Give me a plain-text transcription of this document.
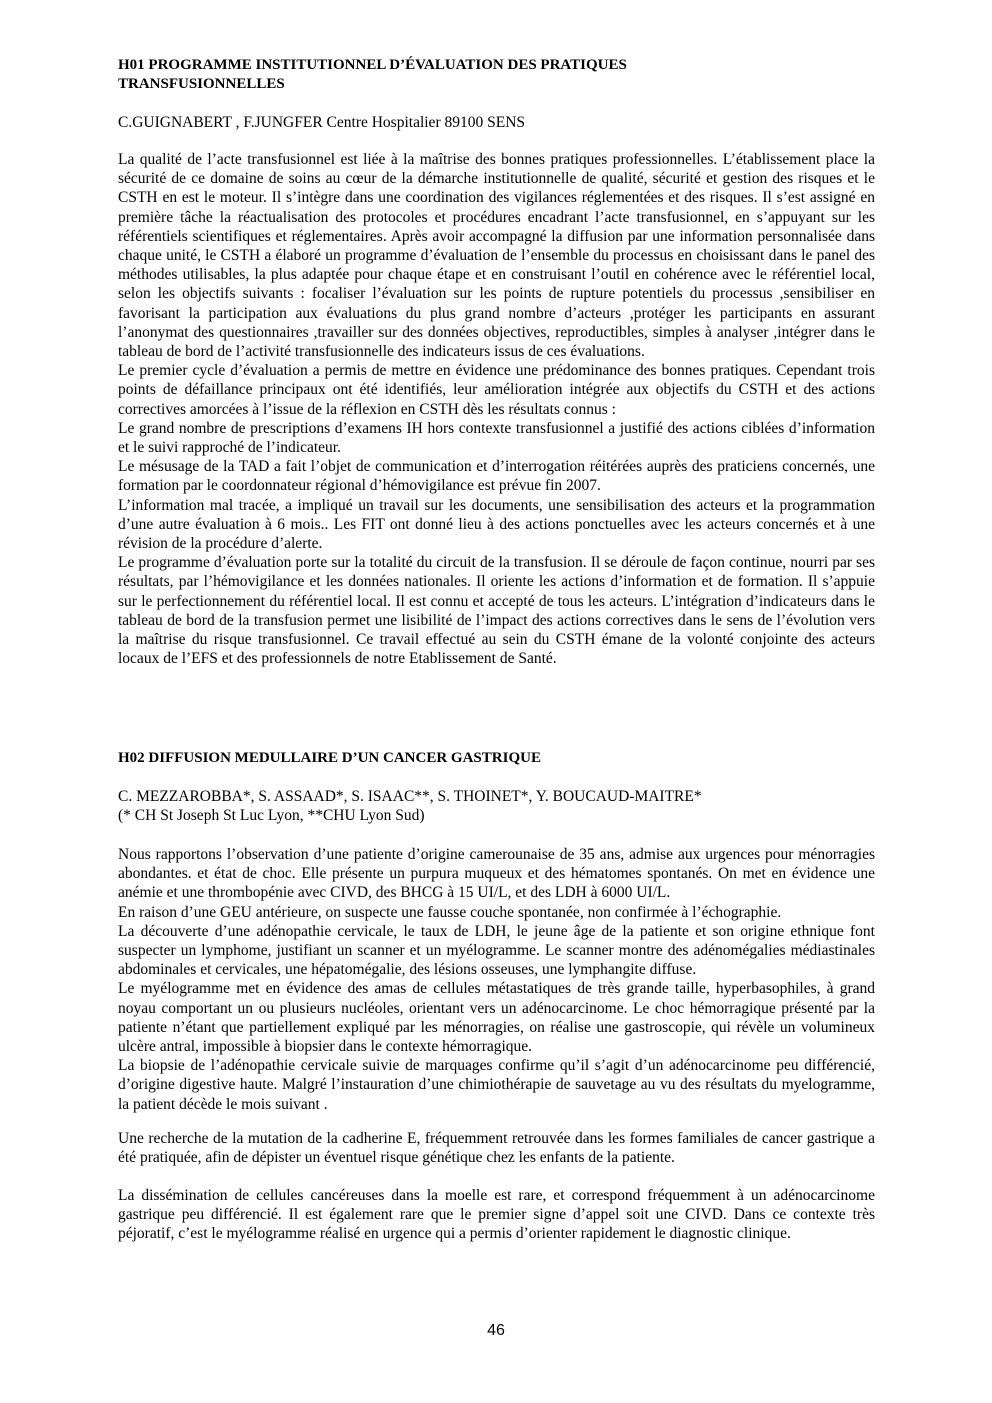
H01 PROGRAMME INSTITUTIONNEL D’ÉVALUATION DES PRATIQUES

TRANSFUSIONNELLES

C.GUIGNABERT , F.JUNGFER Centre Hospitalier 89100 SENS

La qualité de l’acte transfusionnel est liée à la maîtrise des bonnes pratiques professionnelles. L’établissement place la sécurité de ce domaine de soins au cœur de la démarche institutionnelle de qualité, sécurité et gestion des risques et le CSTH en est le moteur. Il s’intègre dans une coordination des vigilances réglementées et des risques. Il s’est assigné en première tâche la réactualisation des protocoles et procédures encadrant l’acte transfusionnel, en s’appuyant sur les référentiels scientifiques et réglementaires. Après avoir accompagné la diffusion par une information personnalisée dans chaque unité, le CSTH a élaboré un programme d’évaluation de l’ensemble du processus en choisissant dans le panel des méthodes utilisables, la plus adaptée pour chaque étape et en construisant l’outil en cohérence avec le référentiel local, selon les objectifs suivants : focaliser l’évaluation sur les points de rupture potentiels du processus ,sensibiliser en favorisant la participation aux évaluations du plus grand nombre d’acteurs ,protéger les participants en assurant l’anonymat des questionnaires ,travailler sur des données objectives, reproductibles, simples à analyser ,intégrer dans le tableau de bord de l’activité transfusionnelle des indicateurs issus de ces évaluations.

Le premier cycle d’évaluation a permis de mettre en évidence une prédominance des bonnes pratiques. Cependant trois points de défaillance principaux ont été identifiés, leur amélioration intégrée aux objectifs du CSTH et des actions correctives amorcées à l’issue de la réflexion en CSTH dès les résultats connus :

Le grand nombre de prescriptions d’examens IH hors contexte transfusionnel a justifié des actions ciblées d’information et le suivi rapproché de l’indicateur.

Le mésusage de la TAD a fait l’objet de communication et d’interrogation réitérées auprès des praticiens concernés, une formation par le coordonnateur régional d’hémovigilance est prévue fin 2007.

L’information mal tracée, a impliqué un travail sur les documents, une sensibilisation des acteurs et la programmation d’une autre évaluation à 6 mois.. Les FIT ont donné lieu à des actions ponctuelles avec les acteurs concernés et à une révision de la procédure d’alerte.

Le programme d’évaluation porte sur la totalité du circuit de la transfusion. Il se déroule de façon continue, nourri par ses résultats, par l’hémovigilance et les données nationales. Il oriente les actions d’information et de formation. Il s’appuie sur le perfectionnement du référentiel local. Il est connu et accepté de tous les acteurs. L’intégration d’indicateurs dans le tableau de bord de la transfusion permet une lisibilité de l’impact des actions correctives dans le sens de l’évolution vers la maîtrise du risque transfusionnel. Ce travail effectué au sein du CSTH émane de la volonté conjointe des acteurs locaux de l’EFS et des professionnels de notre Etablissement de Santé.

H02 DIFFUSION MEDULLAIRE D’UN CANCER GASTRIQUE

C. MEZZAROBBA*, S. ASSAAD*, S. ISAAC**, S. THOINET*, Y. BOUCAUD-MAITRE*

(* CH St Joseph St Luc Lyon, **CHU Lyon Sud)

Nous rapportons l’observation d’une patiente d’origine camerounaise de 35 ans, admise aux urgences pour ménorragies abondantes. et état de choc. Elle présente un purpura muqueux et des hématomes spontanés. On met en évidence une anémie et une thrombopénie avec CIVD, des BHCG à 15 UI/L, et des LDH à 6000 UI/L.

En raison d’une GEU antérieure, on suspecte une fausse couche spontanée, non confirmée à l’échographie.

La découverte d’une adénopathie cervicale, le taux de LDH, le jeune âge de la patiente et son origine ethnique font suspecter un lymphome, justifiant un scanner et un myélogramme. Le scanner montre des adénomégalies médiastinales abdominales et cervicales, une hépatomégalie, des lésions osseuses, une lymphangite diffuse.

Le myélogramme met en évidence des amas de cellules métastatiques de très grande taille, hyperbasophiles, à grand noyau comportant un ou plusieurs nucléoles, orientant vers un adénocarcinome. Le choc hémorragique présenté par la patiente n’étant que partiellement expliqué par les ménorragies, on réalise une gastroscopie, qui révèle un volumineux ulcère antral, impossible à biopsier dans le contexte hémorragique.

La biopsie de l’adénopathie cervicale suivie de marquages confirme qu’il s’agit d’un adénocarcinome peu différencié, d’origine digestive haute. Malgré l’instauration d’une chimiothérapie de sauvetage au vu des résultats du myelogramme, la patient décède le mois suivant .

Une recherche de la mutation de la cadherine E, fréquemment retrouvée dans les formes familiales de cancer gastrique a été pratiquée, afin de dépister un éventuel risque génétique chez les enfants de la patiente.

La dissémination de cellules cancéreuses dans la moelle est rare, et correspond fréquemment à un adénocarcinome gastrique peu différencié. Il est également rare que le premier signe d’appel soit une CIVD. Dans ce contexte très péjoratif, c’est le myélogramme réalisé en urgence qui a permis d’orienter rapidement le diagnostic clinique.

46
